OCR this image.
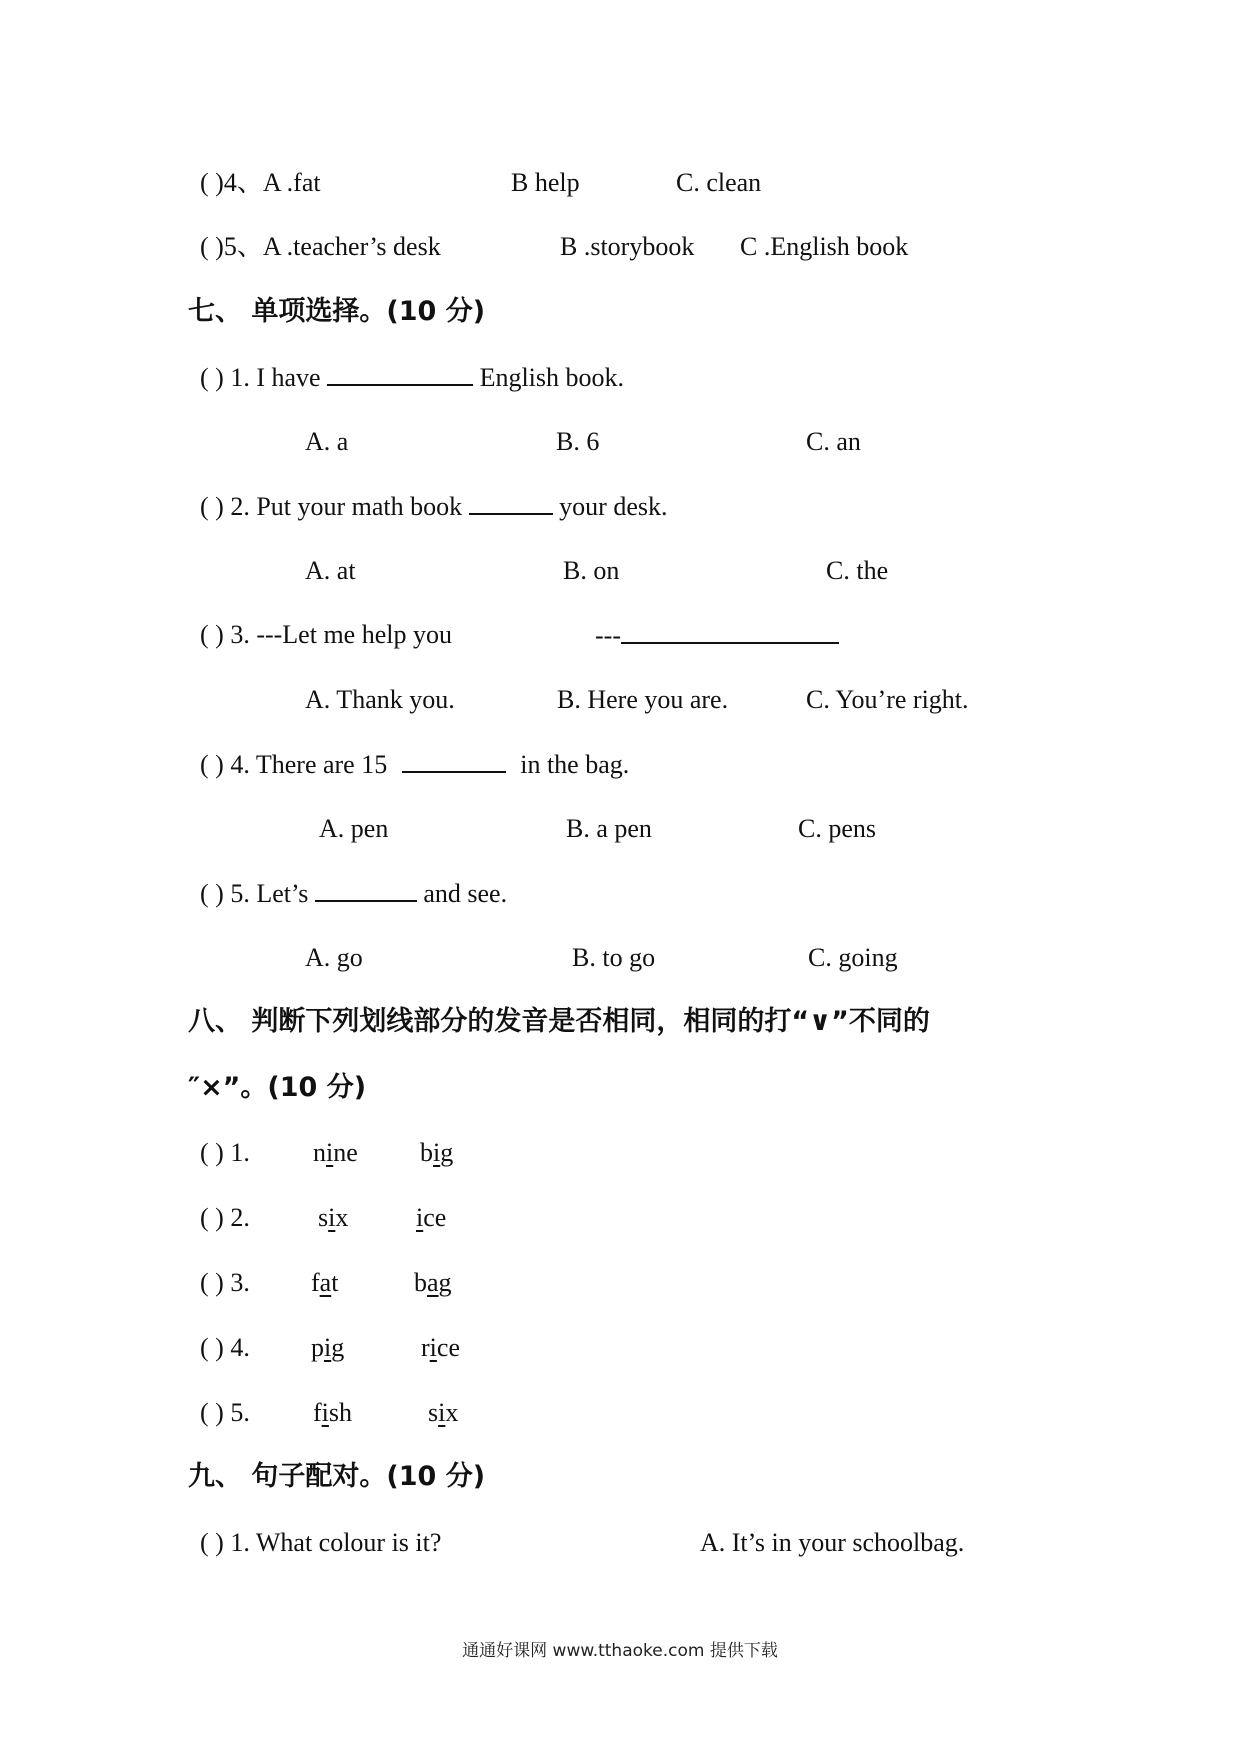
( )4、A .fat	B help	C. clean
( )5、A .teacher’s desk	B .storybook C .English book
七、 单项选择。(10 分)
( ) 1. I have	English book.
A. a	B. 6	C. an
( ) 2. Put your math book	your desk.
A. at	B. on	C. the
( ) 3. ---Let me help you	---
A. Thank you.	B. Here you are.	C. You’re right.
( ) 4. There are 15	in the bag.
A. pen	B. a pen	C. pens
( ) 5. Let’s	and see.
A. go	B. to go	C. going
八、 判断下列划线部分的发音是否相同，相同的打“∨”不同的
″×”。(10 分)
( ) 1. nine big
( ) 2.	six	ice
( ) 3. fat	bag
( ) 4. pig	rice
( ) 5. fish	six
九、 句子配对。(10 分)
( ) 1. What colour is it?	A. It’s in your schoolbag.
通通好课网 www.tthaoke.com 提供下载
